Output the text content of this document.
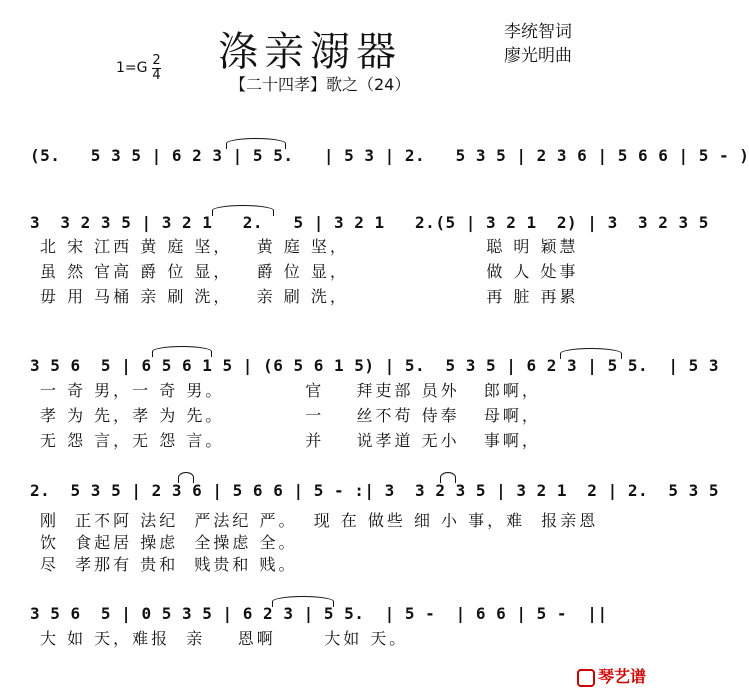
涤亲溺器	李统智词
廖光明曲
1=G 2
4	【二十四孝】歌之（24）
(5.   5 3 5 | 6 2 3 | 5 5.   | 5 3 | 2.   5 3 5 | 2 3 6 | 5 6 6 | 5 - )
3  3 2 3 5 | 3 2 1   2.   5 | 3 2 1   2.(5 | 3 2 1  2) | 3  3 2 3 5
北 宋 江西 黄 庭 坚，   黄 庭 坚，                 聪 明 颖慧
虽 然 官高 爵 位 显，   爵 位 显，                 做 人 处事
毋 用 马桶 亲 刷 洗，   亲 刷 洗，                 再 脏 再累
3 5 6  5 | 6 5 6 1 5 | (6 5 6 1 5) | 5.  5 3 5 | 6 2 3 | 5 5.  | 5 3
一 奇 男，一 奇 男。          官    拜吏部 员外   郎啊，
孝 为 先，孝 为 先。          一    丝不苟 侍奉   母啊，
无 怨 言，无 怨 言。          并    说孝道 无小   事啊，
2.  5 3 5 | 2 3 6 | 5 6 6 | 5 - :| 3  3 2 3 5 | 3 2 1  2 | 2.  5 3 5
刚  正不阿 法纪  严法纪 严。  现 在 做些 细 小 事，难  报亲恩
饮  食起居 操虑  全操虑 全。
尽  孝那有 贵和  贱贵和 贱。
3 5 6  5 | 0 5 3 5 | 6 2 3 | 5 5.  | 5 -  | 6 6 | 5 -  ||
大 如 天，难报  亲    恩啊      大如 天。
琴艺谱
